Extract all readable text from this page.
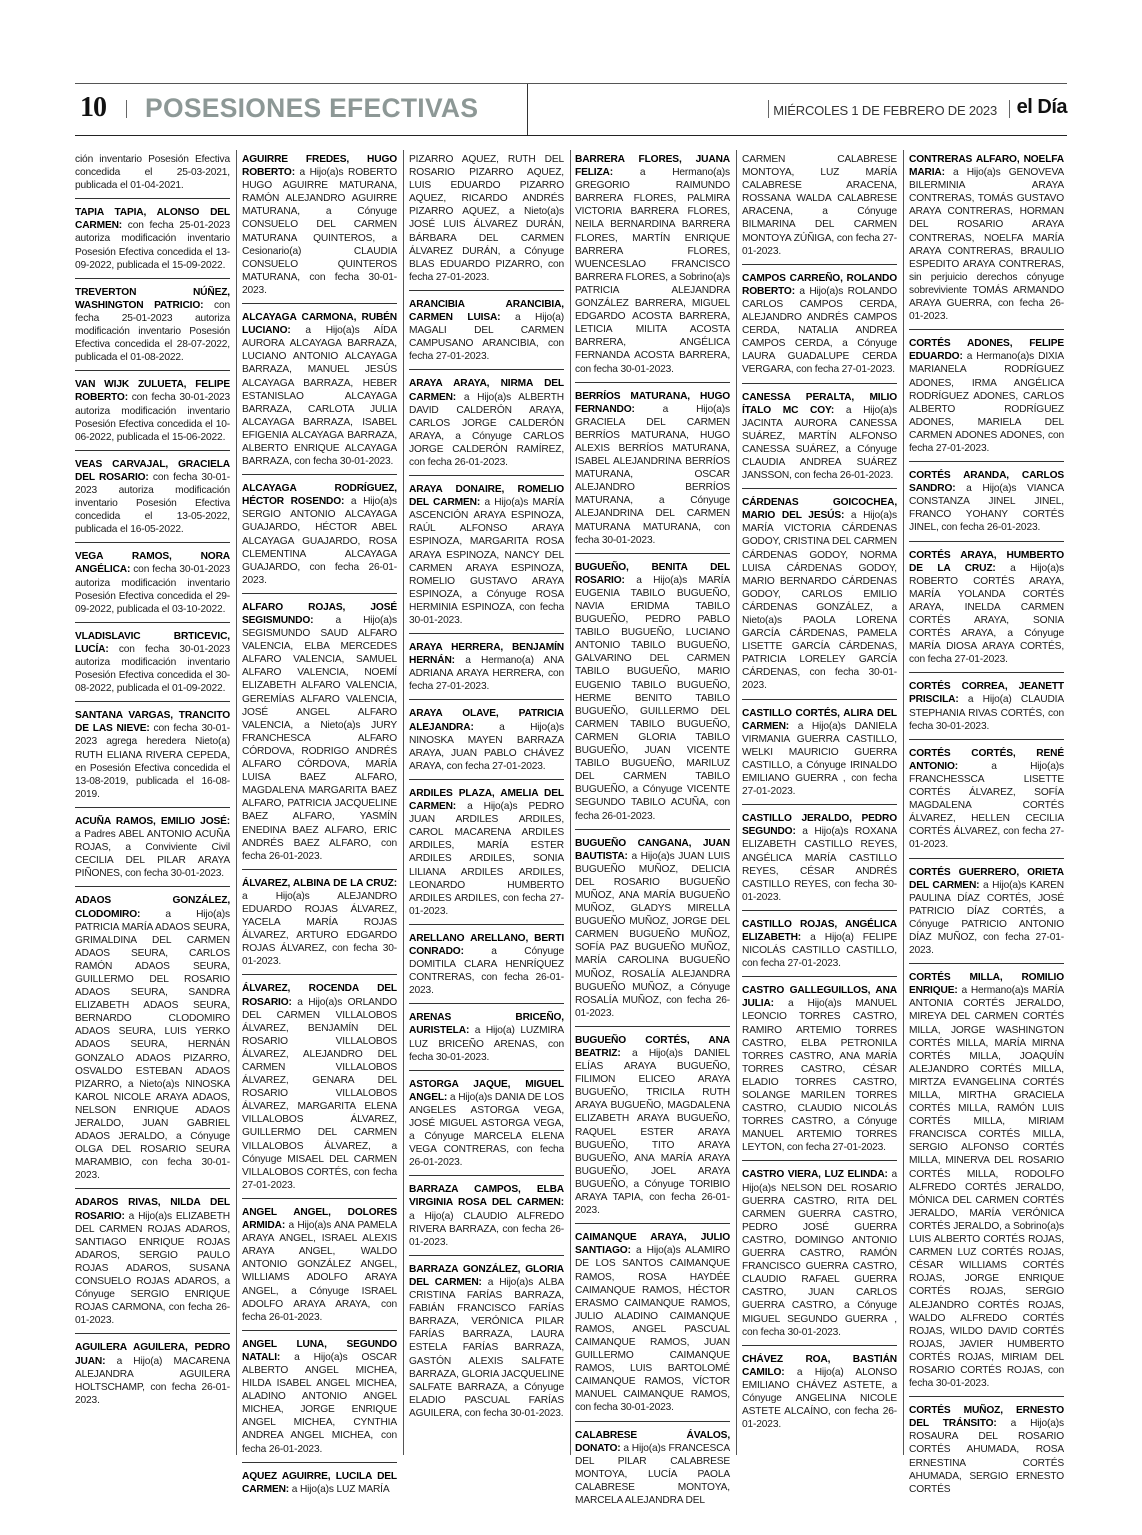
10 POSESIONES EFECTIVAS	MIÉRCOLES 1 DE FEBRERO DE 2023 el Día
ción inventario Posesión Efectiva concedida el 25-03-2021, publicada el 01-04-2021.
TAPIA TAPIA, ALONSO DEL CARMEN: con fecha 25-01-2023 autoriza modificación inventario Posesión Efectiva concedida el 13-09-2022, publicada el 15-09-2022.
TREVERTON NÚÑEZ, WASHINGTON PATRICIO: con fecha 25-01-2023 autoriza modificación inventario Posesión Efectiva concedida el 28-07-2022, publicada el 01-08-2022.
VAN WIJK ZULUETA, FELIPE ROBERTO: con fecha 30-01-2023 autoriza modificación inventario Posesión Efectiva concedida el 10-06-2022, publicada el 15-06-2022.
VEAS CARVAJAL, GRACIELA DEL ROSARIO: con fecha 30-01-2023 autoriza modificación inventario Posesión Efectiva concedida el 13-05-2022, publicada el 16-05-2022.
VEGA RAMOS, NORA ANGÉLICA: con fecha 30-01-2023 autoriza modificación inventario Posesión Efectiva concedida el 29-09-2022, publicada el 03-10-2022.
VLADISLAVIC BRTICEVIC, LUCÍA: con fecha 30-01-2023 autoriza modificación inventario Posesión Efectiva concedida el 30-08-2022, publicada el 01-09-2022.
SANTANA VARGAS, TRANCITO DE LAS NIEVE: con fecha 30-01-2023 agrega heredera Nieto(a) RUTH ELIANA RIVERA CEPEDA, en Posesión Efectiva concedida el 13-08-2019, publicada el 16-08-2019.
ACUÑA RAMOS, EMILIO JOSÉ: a Padres ABEL ANTONIO ACUÑA ROJAS, a Conviviente Civil CECILIA DEL PILAR ARAYA PIÑONES, con fecha 30-01-2023.
ADAOS GONZÁLEZ, CLODOMIRO: a Hijo(a)s PATRICIA MARÍA ADAOS SEURA, GRIMALDINA DEL CARMEN ADAOS SEURA, CARLOS RAMÓN ADAOS SEURA, GUILLERMO DEL ROSARIO ADAOS SEURA, SANDRA ELIZABETH ADAOS SEURA, BERNARDO CLODOMIRO ADAOS SEURA, LUIS YERKO ADAOS SEURA, HERNÁN GONZALO ADAOS PIZARRO, OSVALDO ESTEBAN ADAOS PIZARRO, a Nieto(a)s NINOSKA KAROL NICOLE ARAYA ADAOS, NELSON ENRIQUE ADAOS JERALDO, JUAN GABRIEL ADAOS JERALDO, a Cónyuge OLGA DEL ROSARIO SEURA MARAMBIO, con fecha 30-01-2023.
ADAROS RIVAS, NILDA DEL ROSARIO: a Hijo(a)s ELIZABETH DEL CARMEN ROJAS ADAROS, SANTIAGO ENRIQUE ROJAS ADAROS, SERGIO PAULO ROJAS ADAROS, SUSANA CONSUELO ROJAS ADAROS, a Cónyuge SERGIO ENRIQUE ROJAS CARMONA, con fecha 26-01-2023.
AGUILERA AGUILERA, PEDRO JUAN: a Hijo(a) MACARENA ALEJANDRA AGUILERA HOLTSCHAMP, con fecha 26-01-2023.
AGUIRRE FREDES, HUGO ROBERTO: a Hijo(a)s ROBERTO HUGO AGUIRRE MATURANA, RAMÓN ALEJANDRO AGUIRRE MATURANA, a Cónyuge CONSUELO DEL CARMEN MATURANA QUINTEROS, a Cesionario(a) CLAUDIA CONSUELO QUINTEROS MATURANA, con fecha 30-01-2023.
ALCAYAGA CARMONA, RUBÉN LUCIANO: a Hijo(a)s AÍDA AURORA ALCAYAGA BARRAZA, LUCIANO ANTONIO ALCAYAGA BARRAZA, MANUEL JESÚS ALCAYAGA BARRAZA, HEBER ESTANISLAO ALCAYAGA BARRAZA, CARLOTA JULIA ALCAYAGA BARRAZA, ISABEL EFIGENIA ALCAYAGA BARRAZA, ALBERTO ENRIQUE ALCAYAGA BARRAZA, con fecha 30-01-2023.
ALCAYAGA RODRÍGUEZ, HÉCTOR ROSENDO: a Hijo(a)s SERGIO ANTONIO ALCAYAGA GUAJARDO, HÉCTOR ABEL ALCAYAGA GUAJARDO, ROSA CLEMENTINA ALCAYAGA GUAJARDO, con fecha 26-01-2023.
ALFARO ROJAS, JOSÉ SEGISMUNDO: a Hijo(a)s SEGISMUNDO SAUD ALFARO VALENCIA, ELBA MERCEDES ALFARO VALENCIA, SAMUEL ALFARO VALENCIA, NOEMÍ ELIZABETH ALFARO VALENCIA, GEREMÍAS ALFARO VALENCIA, JOSÉ ANGEL ALFARO VALENCIA, a Nieto(a)s JURY FRANCHESCA ALFARO CÓRDOVA, RODRIGO ANDRÉS ALFARO CÓRDOVA, MARÍA LUISA BAEZ ALFARO, MAGDALENA MARGARITA BAEZ ALFARO, PATRICIA JACQUELINE BAEZ ALFARO, YASMÍN ENEDINA BAEZ ALFARO, ERIC ANDRÉS BAEZ ALFARO, con fecha 26-01-2023.
ÁLVAREZ, ALBINA DE LA CRUZ: a Hijo(a)s ALEJANDRO EDUARDO ROJAS ÁLVAREZ, YACELA MARÍA ROJAS ÁLVAREZ, ARTURO EDGARDO ROJAS ÁLVAREZ, con fecha 30-01-2023.
ÁLVAREZ, ROCENDA DEL ROSARIO: a Hijo(a)s ORLANDO DEL CARMEN VILLALOBOS ÁLVAREZ, BENJAMÍN DEL ROSARIO VILLALOBOS ÁLVAREZ, ALEJANDRO DEL CARMEN VILLALOBOS ÁLVAREZ, GENARA DEL ROSARIO VILLALOBOS ÁLVAREZ, MARGARITA ELENA VILLALOBOS ÁLVAREZ, GUILLERMO DEL CARMEN VILLALOBOS ÁLVAREZ, a Cónyuge MISAEL DEL CARMEN VILLALOBOS CORTÉS, con fecha 27-01-2023.
ANGEL ANGEL, DOLORES ARMIDA: a Hijo(a)s ANA PAMELA ARAYA ANGEL, ISRAEL ALEXIS ARAYA ANGEL, WALDO ANTONIO GONZÁLEZ ANGEL, WILLIAMS ADOLFO ARAYA ANGEL, a Cónyuge ISRAEL ADOLFO ARAYA ARAYA, con fecha 26-01-2023.
ANGEL LUNA, SEGUNDO NATALI: a Hijo(a)s OSCAR ALBERTO ANGEL MICHEA, HILDA ISABEL ANGEL MICHEA, ALADINO ANTONIO ANGEL MICHEA, JORGE ENRIQUE ANGEL MICHEA, CYNTHIA ANDREA ANGEL MICHEA, con fecha 26-01-2023.
AQUEZ AGUIRRE, LUCILA DEL CARMEN: a Hijo(a)s LUZ MARÍA
PIZARRO AQUEZ, RUTH DEL ROSARIO PIZARRO AQUEZ, LUIS EDUARDO PIZARRO AQUEZ, RICARDO ANDRÉS PIZARRO AQUEZ, a Nieto(a)s JOSÉ LUIS ÁLVAREZ DURÁN, BÁRBARA DEL CARMEN ÁLVAREZ DURÁN, a Cónyuge BLAS EDUARDO PIZARRO, con fecha 27-01-2023.
ARANCIBIA ARANCIBIA, CARMEN LUISA: a Hijo(a) MAGALI DEL CARMEN CAMPUSANO ARANCIBIA, con fecha 27-01-2023.
ARAYA ARAYA, NIRMA DEL CARMEN: a Hijo(a)s ALBERTH DAVID CALDERÓN ARAYA, CARLOS JORGE CALDERÓN ARAYA, a Cónyuge CARLOS JORGE CALDERÓN RAMÍREZ, con fecha 26-01-2023.
ARAYA DONAIRE, ROMELIO DEL CARMEN: a Hijo(a)s MARÍA ASCENCIÓN ARAYA ESPINOZA, RAÚL ALFONSO ARAYA ESPINOZA, MARGARITA ROSA ARAYA ESPINOZA, NANCY DEL CARMEN ARAYA ESPINOZA, ROMELIO GUSTAVO ARAYA ESPINOZA, a Cónyuge ROSA HERMINIA ESPINOZA, con fecha 30-01-2023.
ARAYA HERRERA, BENJAMÍN HERNÁN: a Hermano(a) ANA ADRIANA ARAYA HERRERA, con fecha 27-01-2023.
ARAYA OLAVE, PATRICIA ALEJANDRA: a Hijo(a)s NINOSKA MAYEN BARRAZA ARAYA, JUAN PABLO CHÁVEZ ARAYA, con fecha 27-01-2023.
ARDILES PLAZA, AMELIA DEL CARMEN: a Hijo(a)s PEDRO JUAN ARDILES ARDILES, CAROL MACARENA ARDILES ARDILES, MARÍA ESTER ARDILES ARDILES, SONIA LILIANA ARDILES ARDILES, LEONARDO HUMBERTO ARDILES ARDILES, con fecha 27-01-2023.
ARELLANO ARELLANO, BERTI CONRADO: a Cónyuge DOMITILA CLARA HENRÍQUEZ CONTRERAS, con fecha 26-01-2023.
ARENAS BRICEÑO, AURISTELA: a Hijo(a) LUZMIRA LUZ BRICEÑO ARENAS, con fecha 30-01-2023.
ASTORGA JAQUE, MIGUEL ANGEL: a Hijo(a)s DANIA DE LOS ANGELES ASTORGA VEGA, JOSÉ MIGUEL ASTORGA VEGA, a Cónyuge MARCELA ELENA VEGA CONTRERAS, con fecha 26-01-2023.
BARRAZA CAMPOS, ELBA VIRGINIA ROSA DEL CARMEN: a Hijo(a) CLAUDIO ALFREDO RIVERA BARRAZA, con fecha 26-01-2023.
BARRAZA GONZÁLEZ, GLORIA DEL CARMEN: a Hijo(a)s ALBA CRISTINA FARÍAS BARRAZA, FABIÁN FRANCISCO FARÍAS BARRAZA, VERÓNICA PILAR FARÍAS BARRAZA, LAURA ESTELA FARÍAS BARRAZA, GASTÓN ALEXIS SALFATE BARRAZA, GLORIA JACQUELINE SALFATE BARRAZA, a Cónyuge ELADIO PASCUAL FARÍAS AGUILERA, con fecha 30-01-2023.
BARRERA FLORES, JUANA FELIZA: a Hermano(a)s GREGORIO RAIMUNDO BARRERA FLORES, PALMIRA VICTORIA BARRERA FLORES, NEILA BERNARDINA BARRERA FLORES, MARTÍN ENRIQUE BARRERA FLORES, WUENCESLAO FRANCISCO BARRERA FLORES, a Sobrino(a)s PATRICIA ALEJANDRA GONZÁLEZ BARRERA, MIGUEL EDGARDO ACOSTA BARRERA, LETICIA MILITA ACOSTA BARRERA, ANGÉLICA FERNANDA ACOSTA BARRERA, con fecha 30-01-2023.
BERRÍOS MATURANA, HUGO FERNANDO: a Hijo(a)s GRACIELA DEL CARMEN BERRÍOS MATURANA, HUGO ALEXIS BERRÍOS MATURANA, ISABEL ALEJANDRINA BERRÍOS MATURANA, OSCAR ALEJANDRO BERRÍOS MATURANA, a Cónyuge ALEJANDRINA DEL CARMEN MATURANA MATURANA, con fecha 30-01-2023.
BUGUEÑO, BENITA DEL ROSARIO: a Hijo(a)s MARÍA EUGENIA TABILO BUGUEÑO, NAVIA ERIDMA TABILO BUGUEÑO, PEDRO PABLO TABILO BUGUEÑO, LUCIANO ANTONIO TABILO BUGUEÑO, GALVARINO DEL CARMEN TABILO BUGUEÑO, MARIO EUGENIO TABILO BUGUEÑO, HERME BENITO TABILO BUGUEÑO, GUILLERMO DEL CARMEN TABILO BUGUEÑO, CARMEN GLORIA TABILO BUGUEÑO, JUAN VICENTE TABILO BUGUEÑO, MARILUZ DEL CARMEN TABILO BUGUEÑO, a Cónyuge VICENTE SEGUNDO TABILO ACUÑA, con fecha 26-01-2023.
BUGUEÑO CANGANA, JUAN BAUTISTA: a Hijo(a)s JUAN LUIS BUGUEÑO MUÑOZ, DELICIA DEL ROSARIO BUGUEÑO MUÑOZ, ANA MARÍA BUGUEÑO MUÑOZ, GLADYS MIRELLA BUGUEÑO MUÑOZ, JORGE DEL CARMEN BUGUEÑO MUÑOZ, SOFÍA PAZ BUGUEÑO MUÑOZ, MARÍA CAROLINA BUGUEÑO MUÑOZ, ROSALÍA ALEJANDRA BUGUEÑO MUÑOZ, a Cónyuge ROSALÍA MUÑOZ, con fecha 26-01-2023.
BUGUEÑO CORTÉS, ANA BEATRIZ: a Hijo(a)s DANIEL ELÍAS ARAYA BUGUEÑO, FILIMON ELICEO ARAYA BUGUEÑO, TRICILA RUTH ARAYA BUGUEÑO, MAGDALENA ELIZABETH ARAYA BUGUEÑO, RAQUEL ESTER ARAYA BUGUEÑO, TITO ARAYA BUGUEÑO, ANA MARÍA ARAYA BUGUEÑO, JOEL ARAYA BUGUEÑO, a Cónyuge TORIBIO ARAYA TAPIA, con fecha 26-01-2023.
CAIMANQUE ARAYA, JULIO SANTIAGO: a Hijo(a)s ALAMIRO DE LOS SANTOS CAIMANQUE RAMOS, ROSA HAYDÉE CAIMANQUE RAMOS, HÉCTOR ERASMO CAIMANQUE RAMOS, JULIO ALADINO CAIMANQUE RAMOS, ANGEL PASCUAL CAIMANQUE RAMOS, JUAN GUILLERMO CAIMANQUE RAMOS, LUIS BARTOLOMÉ CAIMANQUE RAMOS, VÍCTOR MANUEL CAIMANQUE RAMOS, con fecha 30-01-2023.
CALABRESE ÁVALOS, DONATO: a Hijo(a)s FRANCESCA DEL PILAR CALABRESE MONTOYA, LUCÍA PAOLA CALABRESE MONTOYA, MARCELA ALEJANDRA DEL
CARMEN CALABRESE MONTOYA, LUZ MARÍA CALABRESE ARACENA, ROSSANA WALDA CALABRESE ARACENA, a Cónyuge BILMARINA DEL CARMEN MONTOYA ZÚÑIGA, con fecha 27-01-2023.
CAMPOS CARREÑO, ROLANDO ROBERTO: a Hijo(a)s ROLANDO CARLOS CAMPOS CERDA, ALEJANDRO ANDRÉS CAMPOS CERDA, NATALIA ANDREA CAMPOS CERDA, a Cónyuge LAURA GUADALUPE CERDA VERGARA, con fecha 27-01-2023.
CANESSA PERALTA, MILIO ÍTALO MC COY: a Hijo(a)s JACINTA AURORA CANESSA SUÁREZ, MARTÍN ALFONSO CANESSA SUÁREZ, a Cónyuge CLAUDIA ANDREA SUÁREZ JANSSON, con fecha 26-01-2023.
CÁRDENAS GOICOCHEA, MARIO DEL JESÚS: a Hijo(a)s MARÍA VICTORIA CÁRDENAS GODOY, CRISTINA DEL CARMEN CÁRDENAS GODOY, NORMA LUISA CÁRDENAS GODOY, MARIO BERNARDO CÁRDENAS GODOY, CARLOS EMILIO CÁRDENAS GONZÁLEZ, a Nieto(a)s PAOLA LORENA GARCÍA CÁRDENAS, PAMELA LISETTE GARCÍA CÁRDENAS, PATRICIA LORELEY GARCÍA CÁRDENAS, con fecha 30-01-2023.
CASTILLO CORTÉS, ALIRA DEL CARMEN: a Hijo(a)s DANIELA VIRMANIA GUERRA CASTILLO, WELKI MAURICIO GUERRA CASTILLO, a Cónyuge IRINALDO EMILIANO GUERRA , con fecha 27-01-2023.
CASTILLO JERALDO, PEDRO SEGUNDO: a Hijo(a)s ROXANA ELIZABETH CASTILLO REYES, ANGÉLICA MARÍA CASTILLO REYES, CÉSAR ANDRÉS CASTILLO REYES, con fecha 30-01-2023.
CASTILLO ROJAS, ANGÉLICA ELIZABETH: a Hijo(a) FELIPE NICOLÁS CASTILLO CASTILLO, con fecha 27-01-2023.
CASTRO GALLEGUILLOS, ANA JULIA: a Hijo(a)s MANUEL LEONCIO TORRES CASTRO, RAMIRO ARTEMIO TORRES CASTRO, ELBA PETRONILA TORRES CASTRO, ANA MARÍA TORRES CASTRO, CÉSAR ELADIO TORRES CASTRO, SOLANGE MARILEN TORRES CASTRO, CLAUDIO NICOLÁS TORRES CASTRO, a Cónyuge MANUEL ARTEMIO TORRES LEYTON, con fecha 27-01-2023.
CASTRO VIERA, LUZ ELINDA: a Hijo(a)s NELSON DEL ROSARIO GUERRA CASTRO, RITA DEL CARMEN GUERRA CASTRO, PEDRO JOSÉ GUERRA CASTRO, DOMINGO ANTONIO GUERRA CASTRO, RAMÓN FRANCISCO GUERRA CASTRO, CLAUDIO RAFAEL GUERRA CASTRO, JUAN CARLOS GUERRA CASTRO, a Cónyuge MIGUEL SEGUNDO GUERRA , con fecha 30-01-2023.
CHÁVEZ ROA, BASTIÁN CAMILO: a Hijo(a) ALONSO EMILIANO CHÁVEZ ASTETE, a Cónyuge ANGELINA NICOLE ASTETE ALCAÍNO, con fecha 26-01-2023.
CONTRERAS ALFARO, NOELFA MARIA: a Hijo(a)s GENOVEVA BILERMINIA ARAYA CONTRERAS, TOMÁS GUSTAVO ARAYA CONTRERAS, HORMAN DEL ROSARIO ARAYA CONTRERAS, NOELFA MARÍA ARAYA CONTRERAS, BRAULIO ESPEDITO ARAYA CONTRERAS, sin perjuicio derechos cónyuge sobreviviente TOMÁS ARMANDO ARAYA GUERRA, con fecha 26-01-2023.
CORTÉS ADONES, FELIPE EDUARDO: a Hermano(a)s DIXIA MARIANELA RODRÍGUEZ ADONES, IRMA ANGÉLICA RODRÍGUEZ ADONES, CARLOS ALBERTO RODRÍGUEZ ADONES, MARIELA DEL CARMEN ADONES ADONES, con fecha 27-01-2023.
CORTÉS ARANDA, CARLOS SANDRO: a Hijo(a)s VIANCA CONSTANZA JINEL JINEL, FRANCO YOHANY CORTÉS JINEL, con fecha 26-01-2023.
CORTÉS ARAYA, HUMBERTO DE LA CRUZ: a Hijo(a)s ROBERTO CORTÉS ARAYA, MARÍA YOLANDA CORTÉS ARAYA, INELDA CARMEN CORTÉS ARAYA, SONIA CORTÉS ARAYA, a Cónyuge MARÍA DIOSA ARAYA CORTÉS, con fecha 27-01-2023.
CORTÉS CORREA, JEANETT PRISCILA: a Hijo(a) CLAUDIA STEPHANIA RIVAS CORTÉS, con fecha 30-01-2023.
CORTÉS CORTÉS, RENÉ ANTONIO: a Hijo(a)s FRANCHESSCA LISETTE CORTÉS ÁLVAREZ, SOFÍA MAGDALENA CORTÉS ÁLVAREZ, HELLEN CECILIA CORTÉS ÁLVAREZ, con fecha 27-01-2023.
CORTÉS GUERRERO, ORIETA DEL CARMEN: a Hijo(a)s KAREN PAULINA DÍAZ CORTÉS, JOSÉ PATRICIO DÍAZ CORTÉS, a Cónyuge PATRICIO ANTONIO DÍAZ MUÑOZ, con fecha 27-01-2023.
CORTÉS MILLA, ROMILIO ENRIQUE: a Hermano(a)s MARÍA ANTONIA CORTÉS JERALDO, MIREYA DEL CARMEN CORTÉS MILLA, JORGE WASHINGTON CORTÉS MILLA, MARÍA MIRNA CORTÉS MILLA, JOAQUÍN ALEJANDRO CORTÉS MILLA, MIRTZA EVANGELINA CORTÉS MILLA, MIRTHA GRACIELA CORTÉS MILLA, RAMÓN LUIS CORTÉS MILLA, MIRIAM FRANCISCA CORTÉS MILLA, SERGIO ALFONSO CORTÉS MILLA, MINERVA DEL ROSARIO CORTÉS MILLA, RODOLFO ALFREDO CORTÉS JERALDO, MÓNICA DEL CARMEN CORTÉS JERALDO, MARÍA VERÓNICA CORTÉS JERALDO, a Sobrino(a)s LUIS ALBERTO CORTÉS ROJAS, CARMEN LUZ CORTÉS ROJAS, CÉSAR WILLIAMS CORTÉS ROJAS, JORGE ENRIQUE CORTÉS ROJAS, SERGIO ALEJANDRO CORTÉS ROJAS, WALDO ALFREDO CORTÉS ROJAS, WILDO DAVID CORTÉS ROJAS, JAVIER HUMBERTO CORTÉS ROJAS, MIRIAM DEL ROSARIO CORTÉS ROJAS, con fecha 30-01-2023.
CORTÉS MUÑOZ, ERNESTO DEL TRÁNSITO: a Hijo(a)s ROSAURA DEL ROSARIO CORTÉS AHUMADA, ROSA ERNESTINA CORTÉS AHUMADA, SERGIO ERNESTO CORTÉS
